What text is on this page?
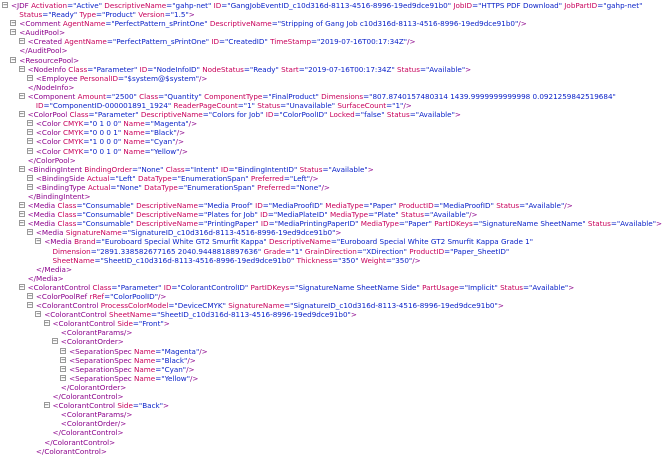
− <JDF Activation="Active" DescriptiveName="gahp-net" ID="GangJobEventID_c10d316d-8113-4516-8996-19ed9dce91b0" JobID="HTTPS PDF Download" JobPartID="gahp-net"
Status="Ready" Type="Product" Version="1.5">
− <Comment AgentName="PerfectPattern_sPrintOne" DescriptiveName="Stripping of Gang Job c10d316d-8113-4516-8996-19ed9dce91b0"/>
− <AuditPool>
− <Created AgentName="PerfectPattern_sPrintOne" ID="CreatedID" TimeStamp="2019-07-16T00:17:34Z"/>
</AuditPool>
− <ResourcePool>
− <NodeInfo Class="Parameter" ID="NodeInfoID" NodeStatus="Ready" Start="2019-07-16T00:17:34Z" Status="Available">
− <Employee PersonalID="$system@$system"/>
</NodeInfo>
− <Component Amount="2500" Class="Quantity" ComponentType="FinalProduct" Dimensions="807.8740157480314 1439.9999999999998 0.0921259842519684"
ID="ComponentID-000001891_1924" ReaderPageCount="1" Status="Unavailable" SurfaceCount="1"/>
− <ColorPool Class="Parameter" DescriptiveName="Colors for Job" ID="ColorPoolID" Locked="false" Status="Available">
− <Color CMYK="0 1 0 0" Name="Magenta"/>
− <Color CMYK="0 0 0 1" Name="Black"/>
− <Color CMYK="1 0 0 0" Name="Cyan"/>
− <Color CMYK="0 0 1 0" Name="Yellow"/>
</ColorPool>
− <BindingIntent BindingOrder="None" Class="Intent" ID="BindingIntentID" Status="Available">
− <BindingSide Actual="Left" DataType="EnumerationSpan" Preferred="Left"/>
− <BindingType Actual="None" DataType="EnumerationSpan" Preferred="None"/>
</BindingIntent>
− <Media Class="Consumable" DescriptiveName="Media Proof" ID="MediaProofID" MediaType="Paper" ProductID="MediaProofID" Status="Available"/>
− <Media Class="Consumable" DescriptiveName="Plates for Job" ID="MediaPlateID" MediaType="Plate" Status="Available"/>
− <Media Class="Consumable" DescriptiveName="PrintingPaper" ID="MediaPrintingPaperID" MediaType="Paper" PartIDKeys="SignatureName SheetName" Status="Available">
− <Media SignatureName="SignatureID_c10d316d-8113-4516-8996-19ed9dce91b0">
− <Media Brand="Euroboard Special White GT2 Smurfit Kappa" DescriptiveName="Euroboard Special White GT2 Smurfit Kappa Grade 1"
Dimension="2891.338582677165 2040.9448818897636" Grade="1" GrainDirection="XDirection" ProductID="Paper_SheetID"
SheetName="SheetID_c10d316d-8113-4516-8996-19ed9dce91b0" Thickness="350" Weight="350"/>
</Media>
</Media>
− <ColorantControl Class="Parameter" ID="ColorantControlID" PartIDKeys="SignatureName SheetName Side" PartUsage="Implicit" Status="Available">
− <ColorPoolRef rRef="ColorPoolID"/>
− <ColorantControl ProcessColorModel="DeviceCMYK" SignatureName="SignatureID_c10d316d-8113-4516-8996-19ed9dce91b0">
− <ColorantControl SheetName="SheetID_c10d316d-8113-4516-8996-19ed9dce91b0">
− <ColorantControl Side="Front">
<ColorantParams/>
− <ColorantOrder>
− <SeparationSpec Name="Magenta"/>
− <SeparationSpec Name="Black"/>
− <SeparationSpec Name="Cyan"/>
− <SeparationSpec Name="Yellow"/>
</ColorantOrder>
</ColorantControl>
− <ColorantControl Side="Back">
<ColorantParams/>
<ColorantOrder/>
</ColorantControl>
</ColorantControl>
</ColorantControl>
